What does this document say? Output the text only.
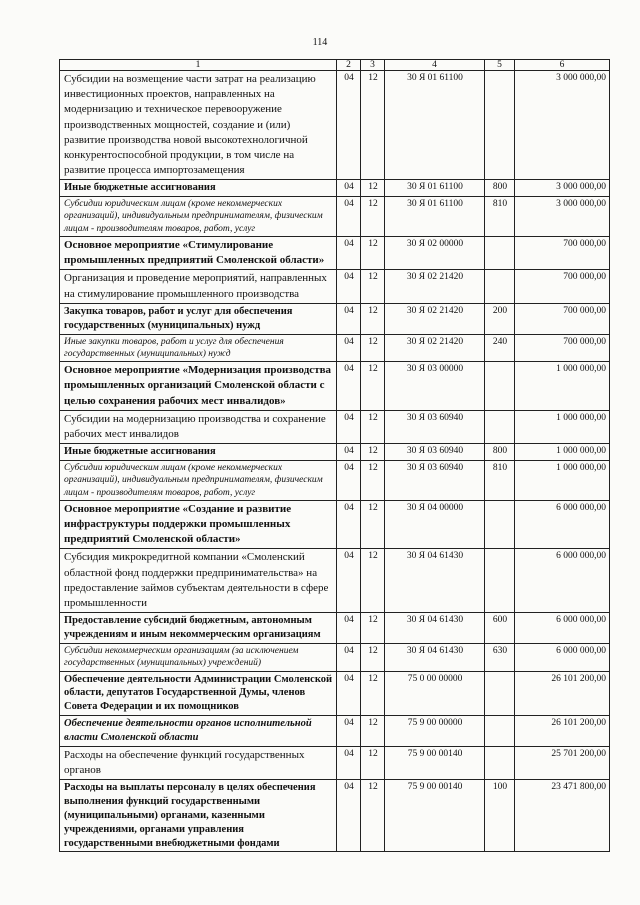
114
1	2	3	4	5	6
Субсидии на возмещение части затрат на реализацию инвестиционных проектов, направленных на модернизацию и техническое перевооружение производственных мощностей, создание и (или) развитие производства новой высокотехнологичной конкурентоспособной продукции, в том числе на развитие процесса импортозамещения	04	12	30 Я 01 61100		3 000 000,00
Иные бюджетные ассигнования	04	12	30 Я 01 61100	800	3 000 000,00
Субсидии юридическим лицам (кроме некоммерческих организаций), индивидуальным предпринимателям, физическим лицам - производителям товаров, работ, услуг	04	12	30 Я 01 61100	810	3 000 000,00
Основное мероприятие «Стимулирование промышленных предприятий Смоленской области»	04	12	30 Я 02 00000		700 000,00
Организация и проведение мероприятий, направленных на стимулирование промышленного производства	04	12	30 Я 02 21420		700 000,00
Закупка товаров, работ и услуг для обеспечения государственных (муниципальных) нужд	04	12	30 Я 02 21420	200	700 000,00
Иные закупки товаров, работ и услуг для обеспечения государственных (муниципальных) нужд	04	12	30 Я 02 21420	240	700 000,00
Основное мероприятие «Модернизация производства промышленных организаций Смоленской области с целью сохранения рабочих мест инвалидов»	04	12	30 Я 03 00000		1 000 000,00
Субсидии на модернизацию производства и сохранение рабочих мест инвалидов	04	12	30 Я 03 60940		1 000 000,00
Иные бюджетные ассигнования	04	12	30 Я 03 60940	800	1 000 000,00
Субсидии юридическим лицам (кроме некоммерческих организаций), индивидуальным предпринимателям, физическим лицам - производителям товаров, работ, услуг	04	12	30 Я 03 60940	810	1 000 000,00
Основное мероприятие «Создание и развитие инфраструктуры поддержки промышленных предприятий Смоленской области»	04	12	30 Я 04 00000		6 000 000,00
Субсидия микрокредитной компании «Смоленский областной фонд поддержки предпринимательства» на предоставление займов субъектам деятельности в сфере промышленности	04	12	30 Я 04 61430		6 000 000,00
Предоставление субсидий бюджетным, автономным учреждениям и иным некоммерческим организациям	04	12	30 Я 04 61430	600	6 000 000,00
Субсидии некоммерческим организациям (за исключением государственных (муниципальных) учреждений)	04	12	30 Я 04 61430	630	6 000 000,00
Обеспечение деятельности Администрации Смоленской области, депутатов Государственной Думы, членов Совета Федерации и их помощников	04	12	75 0 00 00000		26 101 200,00
Обеспечение деятельности органов исполнительной власти Смоленской области	04	12	75 9 00 00000		26 101 200,00
Расходы на обеспечение функций государственных органов	04	12	75 9 00 00140		25 701 200,00
Расходы на выплаты персоналу в целях обеспечения выполнения функций государственными (муниципальными) органами, казенными учреждениями, органами управления государственными внебюджетными фондами	04	12	75 9 00 00140	100	23 471 800,00
